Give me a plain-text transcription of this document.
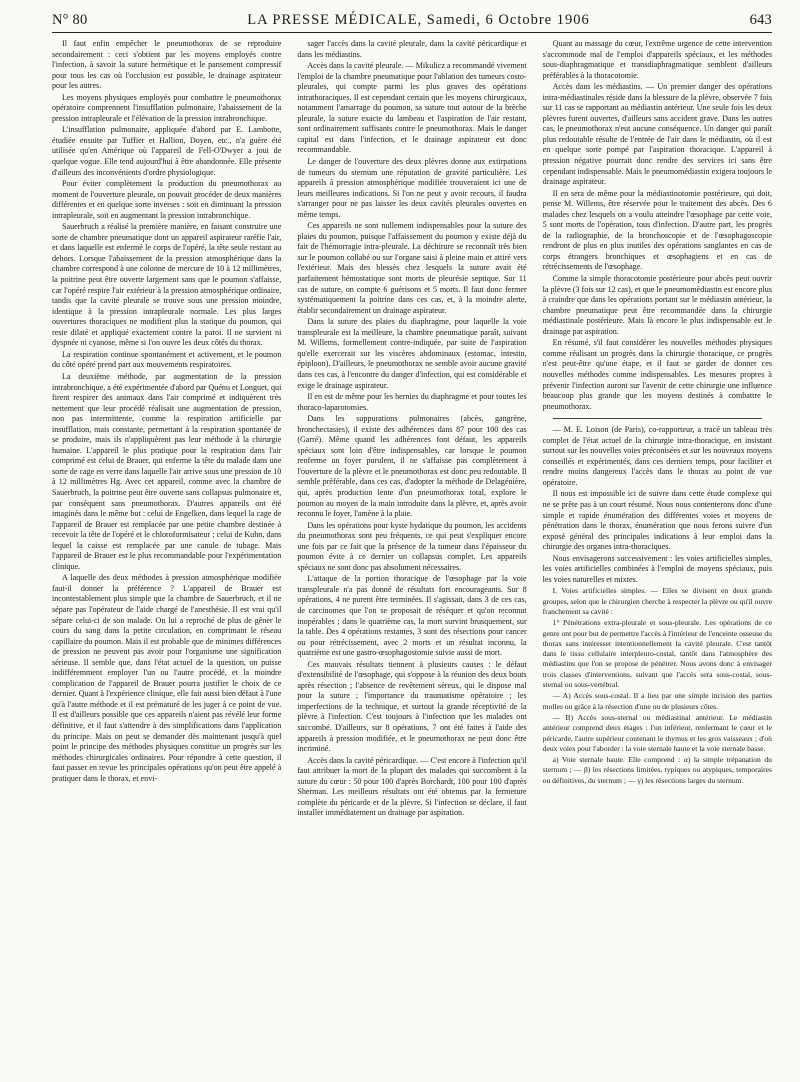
N° 80	LA PRESSE MÉDICALE, Samedi, 6 Octobre 1906	643

Il faut enfin empêcher le pneumothorax de se reproduire secondairement : ceci s'obtient par les moyens employés contre l'infection, à savoir la suture hermétique et le pansement compressif pour tous les cas où l'occlusion est possible, le drainage aspirateur pour les autres.

Les moyens physiques employés pour combattre le pneumothorax opératoire comprennent l'insufflation pulmonaire, l'abaissement de la pression intrapleurale et l'élévation de la pression intrabronchique.

L'insufflation pulmonaire, appliquée d'abord par E. Lambotte, étudiée ensuite par Tuffier et Hallion, Doyen, etc., n'a guère été utilisée qu'en Amérique où l'appareil de Fell-O'Dwyer a joui de quelque vogue. Elle tend aujourd'hui à être abandonnée. Elle présente d'ailleurs des inconvénients d'ordre physiologique.

Pour éviter complètement la production du pneumothorax au moment de l'ouverture pleurale, on pouvait procéder de deux manières différentes et en quelque sorte inverses : soit en diminuant la pression intrapleurale, soit en augmentant la pression intrabronchique.

Sauerbruch a réalisé la première manière, en faisant construire une sorte de chambre pneumatique dont un appareil aspirateur raréfie l'air, et dans laquelle est enfermé le corps de l'opéré, la tête seule restant au dehors. Lorsque l'abaissement de la pression atmosphérique dans la chambre correspond à une colonne de mercure de 10 à 12 millimètres, la poitrine peut être ouverte largement sans que le poumon s'affaisse, car l'opéré respire l'air extérieur à la pression atmosphérique ordinaire, tandis que la cavité pleurale se trouve sous une pression moindre, identique à la pression intrapleurale normale. Les plus larges ouvertures thoraciques ne modifient plus la statique du poumon, qui reste dilaté et appliqué exactement contre la paroi. Il ne survient ni dyspnée ni cyanose, même si l'on ouvre les deux côtés du thorax.

La respiration continue spontanément et activement, et le poumon du côté opéré prend part aux mouvements respiratoires.

La deuxième méthode, par augmentation de la pression intrabronchique, a été expérimentée d'abord par Quénu et Longuet, qui firent respirer des animaux dans l'air comprimé et indiquèrent très nettement que leur procédé réalisait une augmentation de pression, non pas intermittente, comme la respiration artificielle par insufflation, mais constante, permettant à la respiration spontanée de se produire, mais ils n'appliquèrent pas leur méthode à la chirurgie humaine. L'appareil le plus pratique pour la respiration dans l'air comprimé est celui de Brauer, qui enferme la tête du malade dans une sorte de cage en verre dans laquelle l'air arrive sous une pression de 10 à 12 millimètres Hg. Avec cet appareil, comme avec la chambre de Sauerbruch, la poitrine peut être ouverte sans collapsus pulmonaire et, par conséquent sans pneumothorax. D'autres appareils ont été imaginés dans le même but : celui de Engelken, dans lequel la cage de l'appareil de Brauer est remplacée par une petite chambre destinée à recevoir la tête de l'opéré et le chloroformisateur ; celui de Kuhn, dans lequel la caisse est remplacée par une canule de tubage. Mais l'appareil de Brauer est le plus recommandable pour l'expérimentation clinique.

A laquelle des deux méthodes à pression atmosphérique modifiée faut-il donner la préférence ? L'appareil de Brauer est incontestablement plus simple que la chambre de Sauerbruch, et il ne sépare pas l'opérateur de l'aide chargé de l'anesthésie. Il est vrai qu'il sépare celui-ci de son malade. On lui a reproché de plus de gêner le cours du sang dans la petite circulation, en comprimant le réseau capillaire du poumon. Mais il est probable que de minimes différences de pression ne peuvent pas avoir pour l'organisme une signification sérieuse. Il semble que, dans l'état actuel de la question, on puisse indifféremment employer l'un ou l'autre procédé, et la moindre complication de l'appareil de Brauer pourra justifier le choix de ce dernier. Quant à l'expérience clinique, elle fait aussi bien défaut à l'une qu'à l'autre méthode et il est prématuré de les juger à ce point de vue. Il est d'ailleurs possible que ces appareils n'aient pas révélé leur forme définitive, et il faut s'attendre à des simplifications dans l'application du principe. Mais on peut se demander dès maintenant jusqu'à quel point le principe des méthodes physiques constitue un progrès sur les méthodes chirurgicales ordinaires. Pour répondre à cette question, il faut passer en revue les principales opérations qu'on peut être appelé à pratiquer dans le thorax, et envi-

sager l'accès dans la cavité pleurale, dans la cavité péricardique et dans les médiastins.

Accès dans la cavité pleurale. — Mikulicz a recommandé vivement l'emploi de la chambre pneumatique pour l'ablation des tumeurs costo-pleurales, qui compte parmi les plus graves des opérations intrathoraciques. Il est cependant certain que les moyens chirurgicaux, notamment l'amarrage du poumon, sa suture tout autour de la brèche pleurale, la suture exacte du lambeau et l'aspiration de l'air restant, sont ordinairement suffisants contre le pneumothorax. Mais le danger capital est dans l'infection, et le drainage aspirateur est donc recommandable.

Le danger de l'ouverture des deux plèvres donne aux extirpations de tumeurs du sternum une réputation de gravité particulière. Les appareils à pression atmosphérique modifiée trouveraient ici une de leurs meilleures indications. Si l'on ne peut y avoir recours, il faudra s'arranger pour ne pas laisser les deux cavités pleurales ouvertes en même temps.

Ces appareils ne sont nullement indispensables pour la suture des plaies du poumon, puisque l'affaissement du poumon y existe déjà du fait de l'hémorragie intra-pleurale. La déchirure se reconnaît très bien sur le poumon collabé ou sur l'organe saisi à pleine main et attiré vers l'extérieur. Mais des blessés chez lesquels la suture avait été parfaitement hémostatique sont morts de pleurésie septique. Sur 11 cas de suture, on compte 6 guérisons et 5 morts. Il faut donc fermer systématiquement la poitrine dans ces cas, et, à la moindre alerte, établir secondairement un drainage aspirateur.

Dans la suture des plaies du diaphragme, pour laquelle la voie transpleurale est la meilleure, la chambre pneumatique paraît, suivant M. Willems, formellement contre-indiquée, par suite de l'aspiration qu'elle exercerait sur les viscères abdominaux (estomac, intestin, épiploon). D'ailleurs, le pneumothorax ne semble avoir aucune gravité dans ces cas, à l'encontre du danger d'infection, qui est considérable et exige le drainage aspirateur.

Il en est de même pour les hernies du diaphragme et pour toutes les thoraco-laparotomies.

Dans les suppurations pulmonaires (abcès, gangrène, bronchectasies), il existe des adhérences dans 87 pour 100 des cas (Garré). Même quand les adhérences font défaut, les appareils spéciaux sont loin d'être indispensables, car lorsque le poumon renferme un foyer purulent, il ne s'affaisse pas complètement à l'ouverture de la plèvre et le pneumothorax est donc peu redoutable. Il semble préférable, dans ces cas, d'adopter la méthode de Delagénière, qui, après production lente d'un pneumothorax total, explore le poumon au moyen de la main introduite dans la plèvre, et, après avoir reconnu le foyer, l'amène à la plaie.

Dans les opérations pour kyste hydatique du poumon, les accidents du pneumothorax sont peu fréquents, ce qui peut s'expliquer encore une fois par ce fait que la présence de la tumeur dans l'épaisseur du poumon évite à ce dernier un collapsus complet. Les appareils spéciaux ne sont donc pas absolument nécessaires.

L'attaque de la portion thoracique de l'œsophage par la voie transpleurale n'a pas donné de résultats fort encourageants. Sur 8 opérations, 4 ne purent être terminées. Il s'agissait, dans 3 de ces cas, de carcinomes que l'on se proposait de réséquer et qu'on reconnut inopérables ; dans le quatrième cas, la mort survint brusquement, sur la table. Des 4 opérations restantes, 3 sont des résections pour cancer ou pour rétrécissement, avec 2 morts et un résultat inconnu, la quatrième est une gastro-œsophagostomie suivie aussi de mort.

Ces mauvais résultats tiennent à plusieurs causes : le défaut d'extensibilité de l'œsophage, qui s'oppose à la réunion des deux bouts après résection ; l'absence de revêtement séreux, qui le dispose mal pour la suture ; l'importance du traumatisme opératoire ; les imperfections de la technique, et surtout la grande réceptivité de la plèvre à l'infection. C'est toujours à l'infection que les malades ont succombé. D'ailleurs, sur 8 opérations, 7 ont été faites à l'aide des appareils à pression modifiée, et le pneumothorax ne peut donc être incriminé.

Accès dans la cavité péricardique. — C'est encore à l'infection qu'il faut attribuer la mort de la plupart des malades qui succombent à la suture du cœur : 50 pour 100 d'après Borchardt, 100 pour 100 d'après Sherman. Les meilleurs résultats ont été obtenus par la fermeture complète du péricarde et de la plèvre. Si l'infection se déclare, il faut installer immédiatement un drainage par aspiration.

Quant au massage du cœur, l'extrême urgence de cette intervention s'accommode mal de l'emploi d'appareils spéciaux, et les méthodes sous-diaphragmatique et transdiaphragmatique semblent d'ailleurs préférables à la thoracotomie.

Accès dans les médiastins. — Un premier danger des opérations intra-médiastinales réside dans la blessure de la plèvre, observée 7 fois sur 11 cas se rapportant au médiastin antérieur. Une seule fois les deux plèvres furent ouvertes, d'ailleurs sans accident grave. Dans les autres cas, le pneumothorax n'eut aucune conséquence. Un danger qui paraît plus redoutable résulte de l'entrée de l'air dans le médiastin, où il est en quelque sorte pompé par l'aspiration thoracique. L'appareil à pression négative pourrait donc rendre des services ici sans être cependant indispensable. Mais le pneumomédiastin exigera toujours le drainage aspirateur.

Il en sera de même pour la médiastinotomie postérieure, qui doit, pense M. Willems, être réservée pour le traitement des abcès. Des 6 malades chez lesquels on a voulu atteindre l'œsophage par cette voie, 5 sont morts de l'opération, tous d'infection. D'autre part, les progrès de la radiographie, de la bronchoscopie et de l'œsophagoscopie rendront de plus en plus inutiles des opérations sanglantes en cas de corps étrangers bronchiques et œsophagiens et en cas de rétrécissements de l'œsophage.

Comme la simple thoracotomie postérieure pour abcès peut ouvrir la plèvre (3 fois sur 12 cas), et que le pneumomédiastin est encore plus à craindre que dans les opérations portant sur le médiastin antérieur, la chambre pneumatique peut être recommandée dans la chirurgie médiastinale postérieure. Mais là encore le plus indispensable est le drainage par aspiration.

En résumé, s'il faut considérer les nouvelles méthodes physiques comme réalisant un progrès dans la chirurgie thoracique, ce progrès n'est peut-être qu'une étape, et il faut se garder de donner ces nouvelles méthodes comme indispensables. Les mesures propres à prévenir l'infection auront sur l'avenir de cette chirurgie une influence beaucoup plus grande que les moyens destinés à combattre le pneumothorax.

— M. E. Loison (de Paris), co-rapporteur, a tracé un tableau très complet de l'état actuel de la chirurgie intra-thoracique, en insistant surtout sur les nouvelles voies préconisées et sur les nouveaux moyens conseillés et expérimentés, dans ces derniers temps, pour faciliter et rendre moins dangereux l'accès dans le thorax au point de vue opératoire.

Il nous est impossible ici de suivre dans cette étude complexe qui ne se prête pas à un court résumé. Nous nous contenterons donc d'une simple et rapide énumération des différentes voies et moyens de pénétration dans le thorax, énumération que nous ferons suivre d'un exposé général des principales indications à leur emploi dans la chirurgie des organes intra-thoraciques.

Nous envisagerons successivement : les voies artificielles simples, les voies artificielles combinées à l'emploi de moyens spéciaux, puis les voies naturelles et mixtes.

I. Voies artificielles simples. — Elles se divisent en deux grands groupes, selon que le chirurgien cherche à respecter la plèvre ou qu'il ouvre franchement sa cavité :

1° Pénétrations extra-pleurale et sous-pleurale. Les opérations de ce genre ont pour but de permettre l'accès à l'intérieur de l'enceinte osseuse du thorax sans intéresser intentionnellement la cavité pleurale. C'est tantôt dans le tissu cellulaire interpleuro-costal, tantôt dans l'atmosphère des médiastins que l'on se propose de pénétrer. Nous avons donc à envisager trois classes d'interventions, suivant que l'accès sera sous-costal, sous-sternal ou sous-vertébral.

— A) Accès sous-costal. Il a lieu par une simple incision des parties molles ou grâce à la résection d'une ou de plusieurs côtes.

— B) Accès sous-sternal ou médiastinal antérieur. Le médiastin antérieur comprend deux étages : l'un inférieur, renfermant le cœur et le péricarde, l'autre supérieur contenant le thymus et les gros vaisseaux ; d'où deux voies pour l'aborder : la voie sternale haute et la voie sternale basse.

a) Voie sternale haute. Elle comprend : α) la simple trépanation du sternum ; — β) les résections limitées, typiques ou atypiques, temporaires ou définitives, du sternum ; — γ) les résections larges du sternum.
